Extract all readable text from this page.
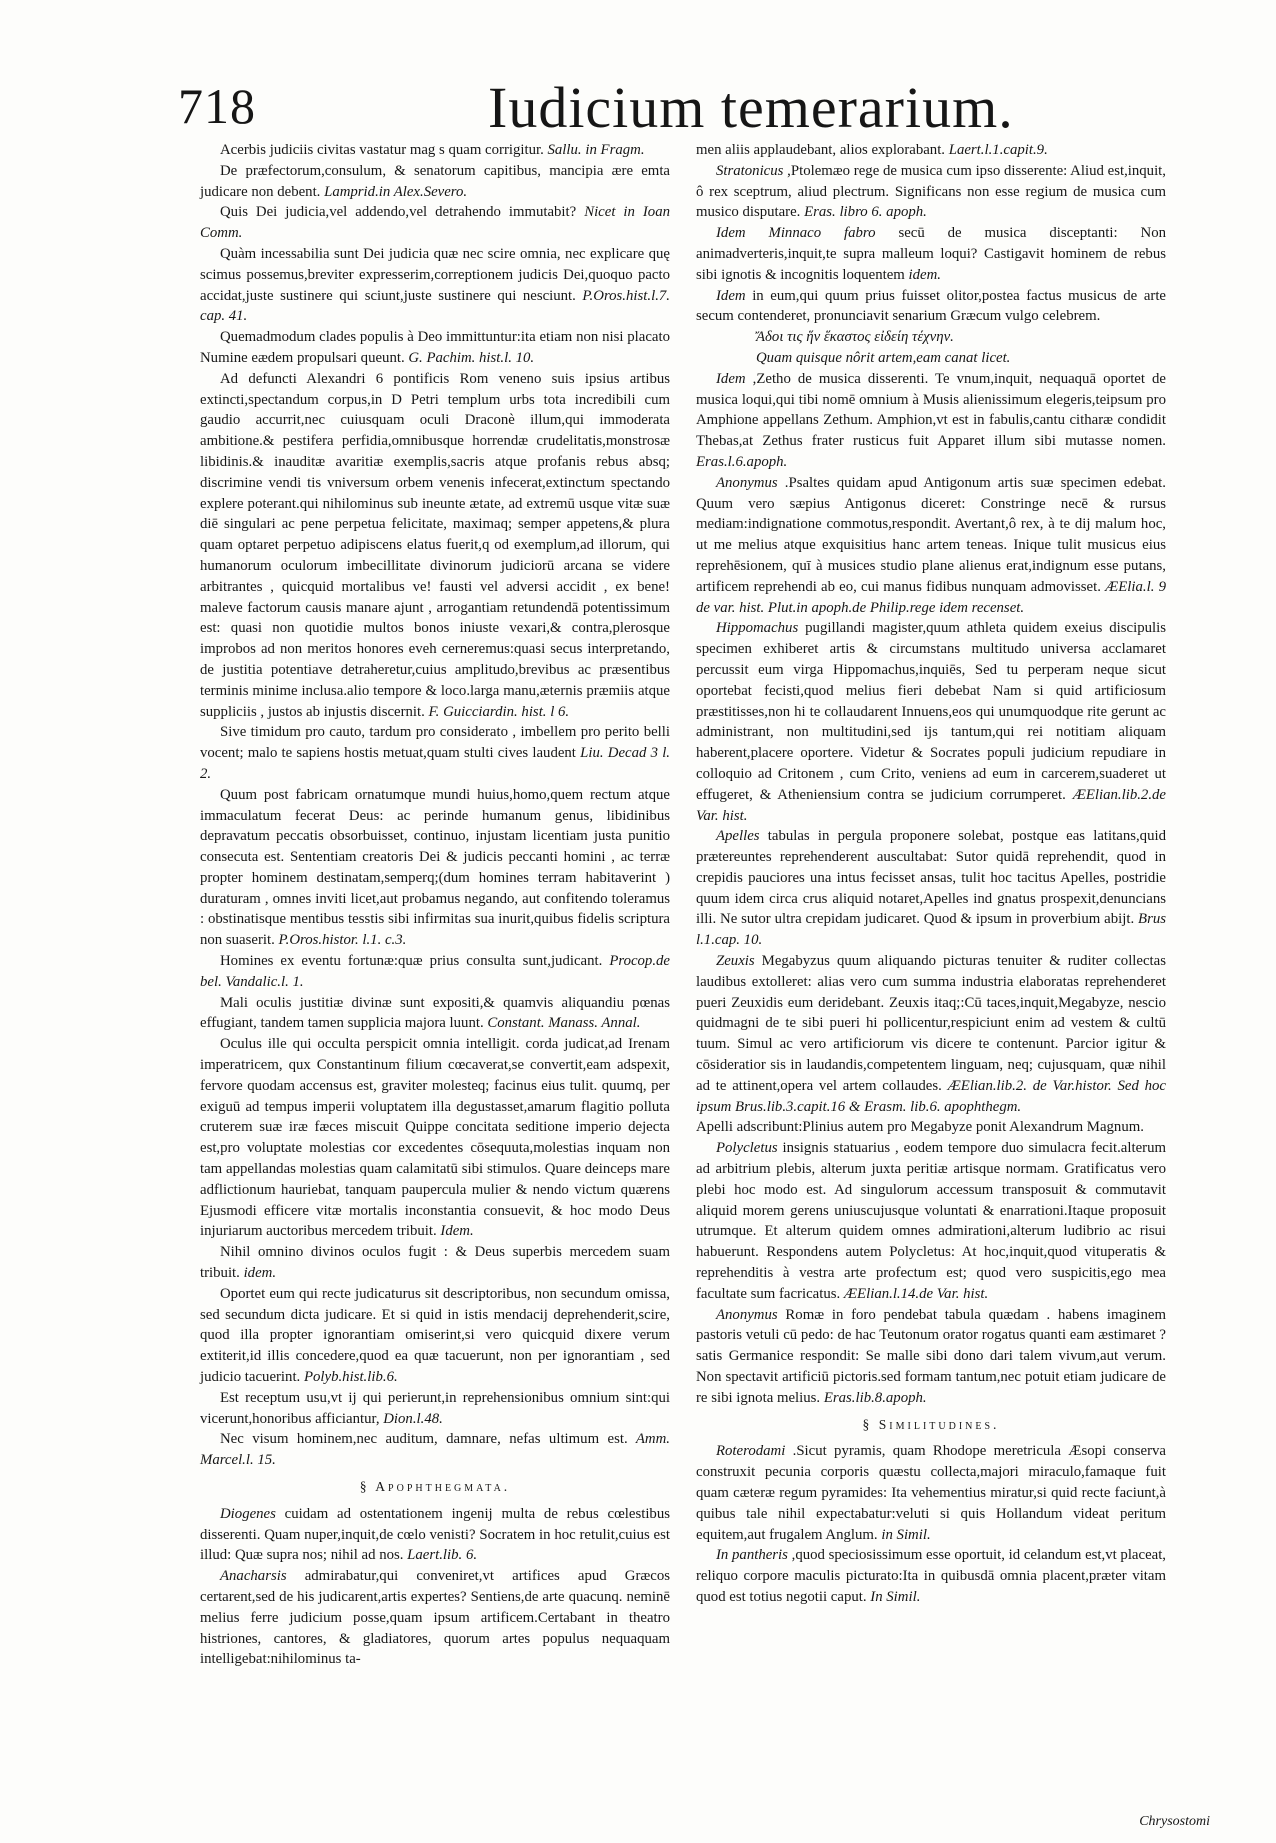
718	Iudicium temerarium.

Acerbis judiciis civitas vastatur mag s quam corrigitur. Sallu. in Fragm.

De præfectorum,consulum, & senatorum capitibus, mancipia ære emta judicare non debent. Lamprid.in Alex.Severo.

Quis Dei judicia,vel addendo,vel detrahendo immutabit? Nicet in Ioan Comm.

Quàm incessabilia sunt Dei judicia quæ nec scire omnia, nec explicare quę scimus possemus,breviter expresserim,correptionem judicis Dei,quoquo pacto accidat,juste sustinere qui sciunt,juste sustinere qui nesciunt. P.Oros.hist.l.7. cap. 41.

Quemadmodum clades populis à Deo immittuntur:ita etiam non nisi placato Numine eædem propulsari queunt. G. Pachim. hist.l. 10.

Ad defuncti Alexandri 6 pontificis Rom veneno suis ipsius artibus extincti,spectandum corpus,in D Petri templum urbs tota incredibili cum gaudio accurrit,nec cuiusquam oculi Draconè illum,qui immoderata ambitione.& pestifera perfidia,omnibusque horrendæ crudelitatis,monstrosæ libidinis.& inauditæ avaritiæ exemplis,sacris atque profanis rebus absq; discrimine vendi tis vniversum orbem venenis infecerat,extinctum spectando explere poterant.qui nihilominus sub ineunte ætate, ad extremū usque vitæ suæ diē singulari ac pene perpetua felicitate, maximaq; semper appetens,& plura quam optaret perpetuo adipiscens elatus fuerit,q od exemplum,ad illorum, qui humanorum oculorum imbecillitate divinorum judiciorū arcana se videre arbitrantes , quicquid mortalibus ve! fausti vel adversi accidit , ex bene! maleve factorum causis manare ajunt , arrogantiam retundendā potentissimum est: quasi non quotidie multos bonos iniuste vexari,& contra,plerosque improbos ad non meritos honores eveh cerneremus:quasi secus interpretando, de justitia potentiave detraheretur,cuius amplitudo,brevibus ac præsentibus terminis minime inclusa.alio tempore & loco.larga manu,æternis præmiis atque suppliciis , justos ab injustis discernit. F. Guicciardin. hist. l 6.

Sive timidum pro cauto, tardum pro considerato , imbellem pro perito belli vocent; malo te sapiens hostis metuat,quam stulti cives laudent Liu. Decad 3 l. 2.

Quum post fabricam ornatumque mundi huius,homo,quem rectum atque immaculatum fecerat Deus: ac perinde humanum genus, libidinibus depravatum peccatis obsorbuisset, continuo, injustam licentiam justa punitio consecuta est. Sententiam creatoris Dei & judicis peccanti homini , ac terræ propter hominem destinatam,semperq;(dum homines terram habitaverint ) duraturam , omnes inviti licet,aut probamus negando, aut confitendo toleramus : obstinatisque mentibus tesstis sibi infirmitas sua inurit,quibus fidelis scriptura non suaserit. P.Oros.histor. l.1. c.3.

Homines ex eventu fortunæ:quæ prius consulta sunt,judicant. Procop.de bel. Vandalic.l. 1.

Mali oculis justitiæ divinæ sunt expositi,& quamvis aliquandiu pœnas effugiant, tandem tamen supplicia majora luunt. Constant. Manass. Annal.

Oculus ille qui occulta perspicit omnia intelligit. corda judicat,ad Irenam imperatricem, qux Constantinum filium cœcaverat,se convertit,eam adspexit, fervore quodam accensus est, graviter molesteq; facinus eius tulit. quumq, per exiguū ad tempus imperii voluptatem illa degustasset,amarum flagitio polluta cruterem suæ iræ fæces miscuit Quippe concitata seditione imperio dejecta est,pro voluptate molestias cor excedentes cōsequuta,molestias inquam non tam appellandas molestias quam calamitatū sibi stimulos. Quare deinceps mare adflictionum hauriebat, tanquam paupercula mulier & nendo victum quærens Ejusmodi efficere vitæ mortalis inconstantia consuevit, & hoc modo Deus injuriarum auctoribus mercedem tribuit. Idem.

Nihil omnino divinos oculos fugit : & Deus superbis mercedem suam tribuit. idem.

Oportet eum qui recte judicaturus sit descriptoribus, non secundum omissa, sed secundum dicta judicare. Et si quid in istis mendacij deprehenderit,scire, quod illa propter ignorantiam omiserint,si vero quicquid dixere verum extiterit,id illis concedere,quod ea quæ tacuerunt, non per ignorantiam , sed judicio tacuerint. Polyb.hist.lib.6.

Est receptum usu,vt ij qui perierunt,in reprehensionibus omnium sint:qui vicerunt,honoribus afficiantur, Dion.l.48.

Nec visum hominem,nec auditum, damnare, nefas ultimum est. Amm. Marcel.l. 15.

§ Apophthegmata.

Diogenes cuidam ad ostentationem ingenij multa de rebus cœlestibus disserenti. Quam nuper,inquit,de cœlo venisti? Socratem in hoc retulit,cuius est illud: Quæ supra nos; nihil ad nos. Laert.lib. 6.

Anacharsis admirabatur,qui conveniret,vt artifices apud Græcos certarent,sed de his judicarent,artis expertes? Sentiens,de arte quacunq. neminē melius ferre judicium posse,quam ipsum artificem.Certabant in theatro histriones, cantores, & gladiatores, quorum artes populus nequaquam intelligebat:nihilominus ta-

men aliis applaudebant, alios explorabant. Laert.l.1.capit.9.

Stratonicus ,Ptolemæo rege de musica cum ipso disserente: Aliud est,inquit, ô rex sceptrum, aliud plectrum. Significans non esse regium de musica cum musico disputare. Eras. libro 6. apoph.

Idem Minnaco fabro secū de musica disceptanti: Non animadverteris,inquit,te supra malleum loqui? Castigavit hominem de rebus sibi ignotis & incognitis loquentem idem.

Idem in eum,qui quum prius fuisset olitor,postea factus musicus de arte secum contenderet, pronunciavit senarium Græcum vulgo celebrem.

Ἄδοι τις ἥν ἕκαστος εἰδείη τέχνην.

Quam quisque nôrit artem,eam canat licet.

Idem ,Zetho de musica disserenti. Te vnum,inquit, nequaquā oportet de musica loqui,qui tibi nomē omnium à Musis alienissimum elegeris,teipsum pro Amphione appellans Zethum. Amphion,vt est in fabulis,cantu citharæ condidit Thebas,at Zethus frater rusticus fuit Apparet illum sibi mutasse nomen. Eras.l.6.apoph.

Anonymus .Psaltes quidam apud Antigonum artis suæ specimen edebat. Quum vero sæpius Antigonus diceret: Constringe necē & rursus mediam:indignatione commotus,respondit. Avertant,ô rex, à te dij malum hoc, ut me melius atque exquisitius hanc artem teneas. Inique tulit musicus eius reprehēsionem, quī à musices studio plane alienus erat,indignum esse putans, artificem reprehendi ab eo, cui manus fidibus nunquam admovisset. ÆElia.l. 9 de var. hist. Plut.in apoph.de Philip.rege idem recenset.

Hippomachus pugillandi magister,quum athleta quidem exeius discipulis specimen exhiberet artis & circumstans multitudo universa acclamaret percussit eum virga Hippomachus,inquiēs, Sed tu perperam neque sicut oportebat fecisti,quod melius fieri debebat Nam si quid artificiosum præstitisses,non hi te collaudarent Innuens,eos qui unumquodque rite gerunt ac administrant, non multitudini,sed ijs tantum,qui rei notitiam aliquam haberent,placere oportere. Videtur & Socrates populi judicium repudiare in colloquio ad Critonem , cum Crito, veniens ad eum in carcerem,suaderet ut effugeret, & Atheniensium contra se judicium corrumperet. ÆElian.lib.2.de Var. hist.

Apelles tabulas in pergula proponere solebat, postque eas latitans,quid prætereuntes reprehenderent auscultabat: Sutor quidā reprehendit, quod in crepidis pauciores una intus fecisset ansas, tulit hoc tacitus Apelles, postridie quum idem circa crus aliquid notaret,Apelles ind gnatus prospexit,denuncians illi. Ne sutor ultra crepidam judicaret. Quod & ipsum in proverbium abijt. Brus l.1.cap. 10.

Zeuxis Megabyzus quum aliquando picturas tenuiter & ruditer collectas laudibus extolleret: alias vero cum summa industria elaboratas reprehenderet pueri Zeuxidis eum deridebant. Zeuxis itaq;:Cū taces,inquit,Megabyze, nescio quidmagni de te sibi pueri hi pollicentur,respiciunt enim ad vestem & cultū tuum. Simul ac vero artificiorum vis dicere te contenunt. Parcior igitur & cōsideratior sis in laudandis,competentem linguam, neq; cujusquam, quæ nihil ad te attinent,opera vel artem collaudes. ÆElian.lib.2. de Var.histor. Sed hoc ipsum Brus.lib.3.capit.16 & Erasm. lib.6. apophthegm.

Apelli adscribunt:Plinius autem pro Megabyze ponit Alexandrum Magnum.

Polycletus insignis statuarius , eodem tempore duo simulacra fecit.alterum ad arbitrium plebis, alterum juxta peritiæ artisque normam. Gratificatus vero plebi hoc modo est. Ad singulorum accessum transposuit & commutavit aliquid morem gerens uniuscujusque voluntati & enarrationi.Itaque proposuit utrumque. Et alterum quidem omnes admirationi,alterum ludibrio ac risui habuerunt. Respondens autem Polycletus: At hoc,inquit,quod vituperatis & reprehenditis à vestra arte profectum est; quod vero suspicitis,ego mea facultate sum facricatus. ÆElian.l.14.de Var. hist.

Anonymus Romæ in foro pendebat tabula quædam . habens imaginem pastoris vetuli cū pedo: de hac Teutonum orator rogatus quanti eam æstimaret ? satis Germanice respondit: Se malle sibi dono dari talem vivum,aut verum. Non spectavit artificiū pictoris.sed formam tantum,nec potuit etiam judicare de re sibi ignota melius. Eras.lib.8.apoph.

§ Similitudines.

Roterodami .Sicut pyramis, quam Rhodope meretricula Æsopi conserva construxit pecunia corporis quæstu collecta,majori miraculo,famaque fuit quam cæteræ regum pyramides: Ita vehementius miratur,si quid recte faciunt,à quibus tale nihil expectabatur:veluti si quis Hollandum videat peritum equitem,aut frugalem Anglum. in Simil.

In pantheris ,quod speciosissimum esse oportuit, id celandum est,vt placeat, reliquo corpore maculis picturato:Ita in quibusdā omnia placent,præter vitam quod est totius negotii caput. In Simil.

Chrysostomi
